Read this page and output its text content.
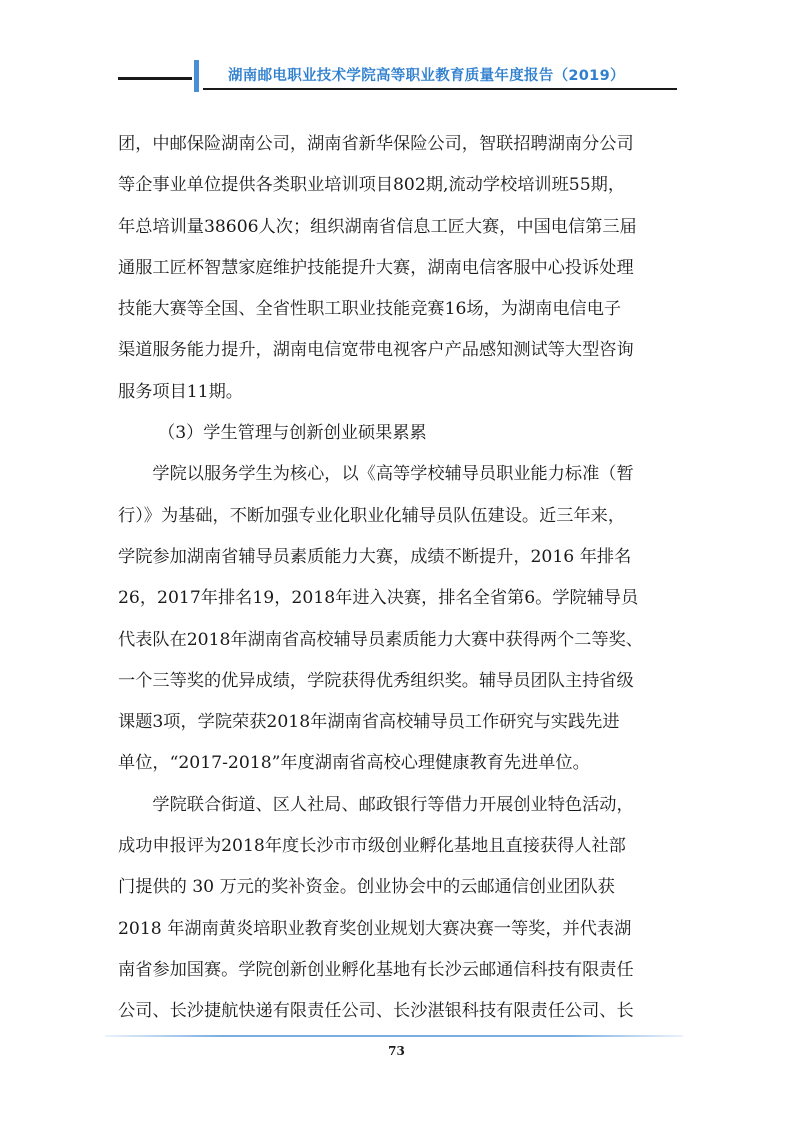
湖南邮电职业技术学院高等职业教育质量年度报告（2019）
团，中邮保险湖南公司，湖南省新华保险公司，智联招聘湖南分公司
等企事业单位提供各类职业培训项目802期,流动学校培训班55期，
年总培训量38606人次；组织湖南省信息工匠大赛，中国电信第三届
通服工匠杯智慧家庭维护技能提升大赛，湖南电信客服中心投诉处理
技能大赛等全国、全省性职工职业技能竞赛16场，为湖南电信电子
渠道服务能力提升，湖南电信宽带电视客户产品感知测试等大型咨询
服务项目11期。
（3）学生管理与创新创业硕果累累
　　学院以服务学生为核心，以《高等学校辅导员职业能力标准（暂
行）》为基础，不断加强专业化职业化辅导员队伍建设。近三年来，
学院参加湖南省辅导员素质能力大赛，成绩不断提升，2016 年排名
26，2017年排名19，2018年进入决赛，排名全省第6。学院辅导员
代表队在2018年湖南省高校辅导员素质能力大赛中获得两个二等奖、
一个三等奖的优异成绩，学院获得优秀组织奖。辅导员团队主持省级
课题3项，学院荣获2018年湖南省高校辅导员工作研究与实践先进
单位，“2017-2018”年度湖南省高校心理健康教育先进单位。
　　学院联合街道、区人社局、邮政银行等借力开展创业特色活动，
成功申报评为2018年度长沙市市级创业孵化基地且直接获得人社部
门提供的 30 万元的奖补资金。创业协会中的云邮通信创业团队获
2018 年湖南黄炎培职业教育奖创业规划大赛决赛一等奖，并代表湖
南省参加国赛。学院创新创业孵化基地有长沙云邮通信科技有限责任
公司、长沙捷航快递有限责任公司、长沙湛银科技有限责任公司、长
73
